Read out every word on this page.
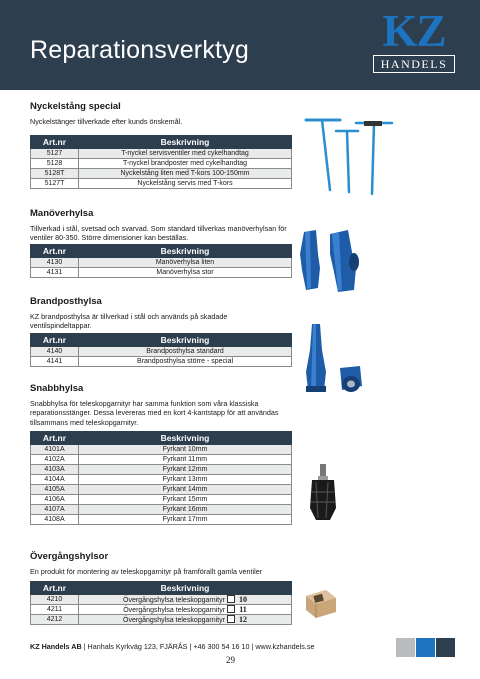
Reparationsverktyg	KZ
HANDELS
Nyckelstång special
Nyckelstänger tillverkade efter kunds önskemål.
Art.nr	Beskrivning
5127	T-nyckel servisventiler med cykelhandtag
5128	T-nyckel brandposter med cykelhandtag
5128T	Nyckelstång liten med T-kors 100-150mm
5127T	Nyckelstång servis med T-kors
Manöverhylsa
Tillverkad i stål, svetsad och svarvad. Som standard tillverkas manöverhylsan för ventiler 80-350. Större dimensioner kan beställas.
Art.nr	Beskrivning
4130	Manöverhylsa liten
4131	Manöverhylsa stor
Brandposthylsa
KZ brandposthylsa är tillverkad i stål och används på skadade ventilspindeltappar.
Art.nr	Beskrivning
4140	Brandposthylsa standard
4141	Brandposthylsa större - special
Snabbhylsa
Snabbhylsa för teleskopgarnityr har samma funktion som våra klassiska reparationsstänger. Dessa levereras med en kort 4-kantstapp för att användas tillsammans med teleskopgarnityr.
Art.nr	Beskrivning
4101A	Fyrkant 10mm
4102A	Fyrkant 11mm
4103A	Fyrkant 12mm
4104A	Fyrkant 13mm
4105A	Fyrkant 14mm
4106A	Fyrkant 15mm
4107A	Fyrkant 16mm
4108A	Fyrkant 17mm
Övergångshylsor
En produkt för montering av teleskopgarnityr på framförallt gamla ventiler
Art.nr	Beskrivning
4210	Övergångshylsa teleskopgarnityr 10
4211	Övergångshylsa teleskopgarnityr 11
4212	Övergångshylsa teleskopgarnityr 12
KZ Handels AB | Hanhals Kyrkväg 123, FJÄRÅS | +46 300 54 16 10 | www.kzhandels.se
29
